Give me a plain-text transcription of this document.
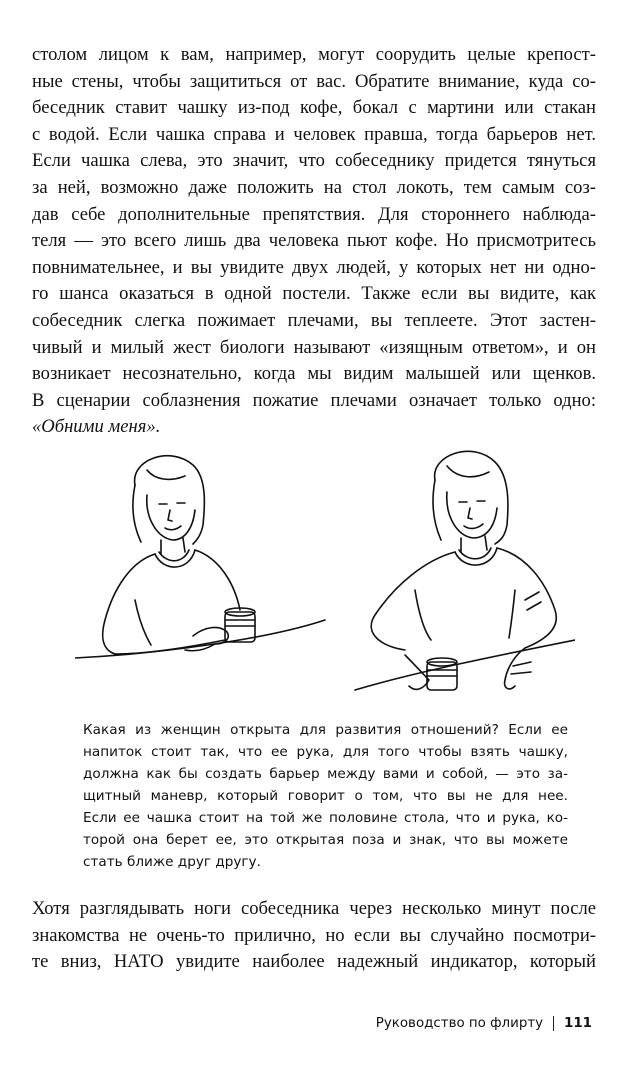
столом лицом к вам, например, могут соорудить целые крепост-
ные стены, чтобы защититься от вас. Обратите внимание, куда со-
беседник ставит чашку из-под кофе, бокал с мартини или стакан
с водой. Если чашка справа и человек правша, тогда барьеров нет.
Если чашка слева, это значит, что собеседнику придется тянуться
за ней, возможно даже положить на стол локоть, тем самым соз-
дав себе дополнительные препятствия. Для стороннего наблюда-
теля — это всего лишь два человека пьют кофе. Но присмотритесь
повнимательнее, и вы увидите двух людей, у которых нет ни одно-
го шанса оказаться в одной постели. Также если вы видите, как
собеседник слегка пожимает плечами, вы теплеете. Этот застен-
чивый и милый жест биологи называют «изящным ответом», и он
возникает несознательно, когда мы видим малышей или щенков.
В сценарии соблазнения пожатие плечами означает только одно:
«Обними меня».

Какая из женщин открыта для развития отношений? Если ее
напиток стоит так, что ее рука, для того чтобы взять чашку,
должна как бы создать барьер между вами и собой, — это за-
щитный маневр, который говорит о том, что вы не для нее.
Если ее чашка стоит на той же половине стола, что и рука, ко-
торой она берет ее, это открытая поза и знак, что вы можете
стать ближе друг другу.

Хотя разглядывать ноги собеседника через несколько минут после
знакомства не очень-то прилично, но если вы случайно посмотри-
те вниз, НАТО увидите наиболее надежный индикатор, который

Руководство по флирту 111
